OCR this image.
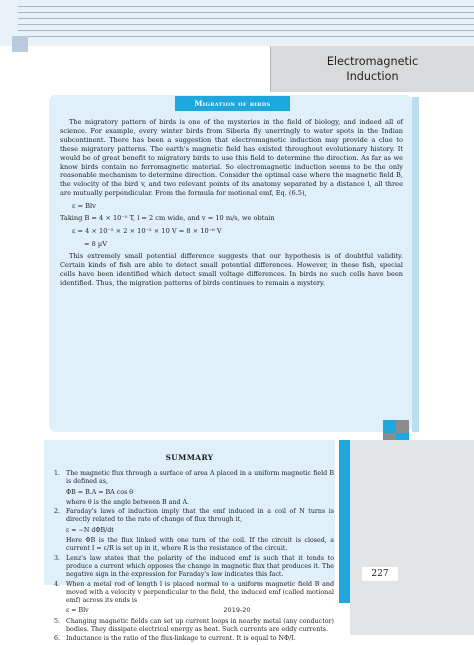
Electromagnetic
Induction
Migration of birds

The migratory pattern of birds is one of the mysteries in the field of biology, and indeed all of science. For example, every winter birds from Siberia fly unerringly to water spots in the Indian subcontinent. There has been a suggestion that electromagnetic induction may provide a clue to these migratory patterns. The earth's magnetic field has existed throughout evolutionary history. It would be of great benefit to migratory birds to use this field to determine the direction. As far as we know birds contain no ferromagnetic material. So electromagnetic induction seems to be the only reasonable mechanism to determine direction. Consider the optimal case where the magnetic field B, the velocity of the bird v, and two relevant points of its anatomy separated by a distance l, all three are mutually perpendicular. From the formula for motional emf, Eq. (6.5),

ε = Blv

Taking B = 4 × 10⁻⁵ T, l = 2 cm wide, and v = 10 m/s, we obtain

ε = 4 × 10⁻⁵ × 2 × 10⁻² × 10 V = 8 × 10⁻⁶ V

= 8 µV

This extremely small potential difference suggests that our hypothesis is of doubtful validity. Certain kinds of fish are able to detect small potential differences. However, in these fish, special cells have been identified which detect small voltage differences. In birds no such cells have been identified. Thus, the migration patterns of birds continues to remain a mystery.

SUMMARY
1. The magnetic flux through a surface of area A placed in a uniform magnetic field B is defined as,
ΦB = B.A = BA cos θ
where θ is the angle between B and A.
2. Faraday's laws of induction imply that the emf induced in a coil of N turns is directly related to the rate of change of flux through it,
ε = −N dΦB/dt
Here ΦB is the flux linked with one turn of the coil. If the circuit is closed, a current I = ε/R is set up in it, where R is the resistance of the circuit.
3. Lenz's law states that the polarity of the induced emf is such that it tends to produce a current which opposes the change in magnetic flux that produces it. The negative sign in the expression for Faraday's law indicates this fact.
4. When a metal rod of length l is placed normal to a uniform magnetic field B and moved with a velocity v perpendicular to the field, the induced emf (called motional emf) across its ends is
ε = Blv
5. Changing magnetic fields can set up current loops in nearby metal (any conductor) bodies. They dissipate electrical energy as heat. Such currents are eddy currents.
6. Inductance is the ratio of the flux-linkage to current. It is equal to NΦ/I.
227
2019-20
